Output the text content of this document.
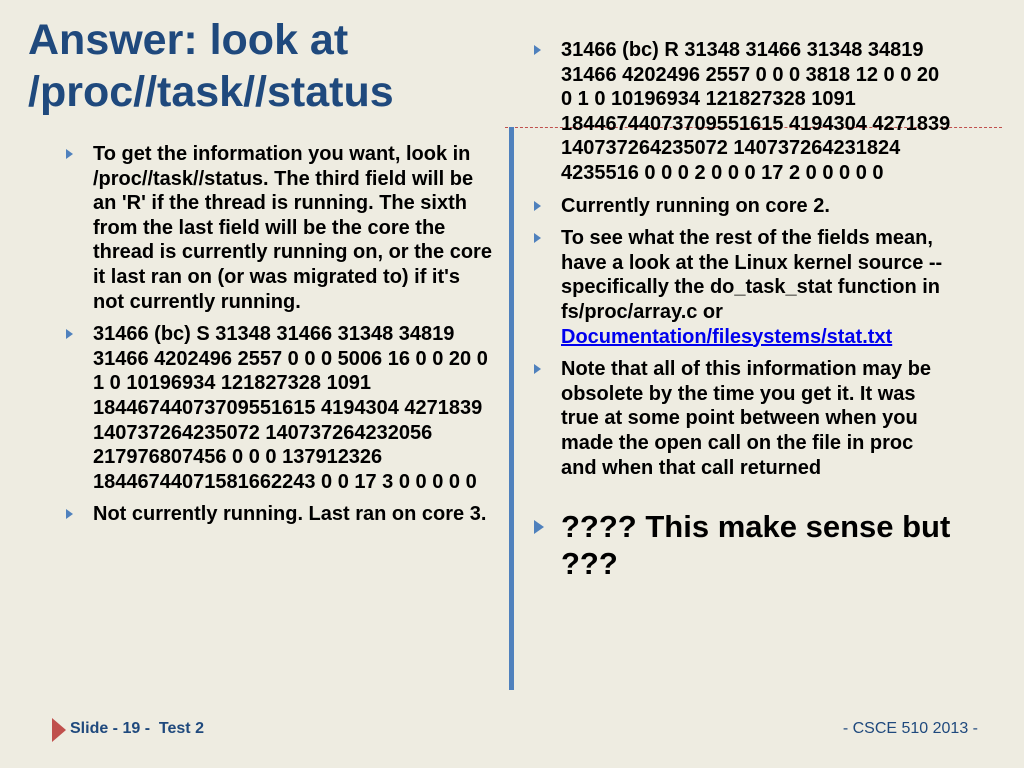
Answer: look at /proc//task//status
To get the information you want, look in /proc//task//status. The third field will be an 'R' if the thread is running. The sixth from the last field will be the core the thread is currently running on, or the core it last ran on (or was migrated to) if it's not currently running.
31466 (bc) S 31348 31466 31348 34819 31466 4202496 2557 0 0 0 5006 16 0 0 20 0 1 0 10196934 121827328 1091 18446744073709551615 4194304 4271839 140737264235072 140737264232056 217976807456 0 0 0 137912326 18446744071581662243 0 0 17 3 0 0 0 0 0
Not currently running. Last ran on core 3.
31466 (bc) R 31348 31466 31348 34819 31466 4202496 2557 0 0 0 3818 12 0 0 20 0 1 0 10196934 121827328 1091 18446744073709551615 4194304 4271839 140737264235072 140737264231824 4235516 0 0 0 2 0 0 0 17 2 0 0 0 0 0
Currently running on core 2.
To see what the rest of the fields mean, have a look at the Linux kernel source -- specifically the do_task_stat function in fs/proc/array.c or Documentation/filesystems/stat.txt
Note that all of this information may be obsolete by the time you get it. It was true at some point between when you made the open call on the file in proc and when that call returned
???? This make sense but ???
Slide - 19 -  Test 2	- CSCE 510 2013 -
